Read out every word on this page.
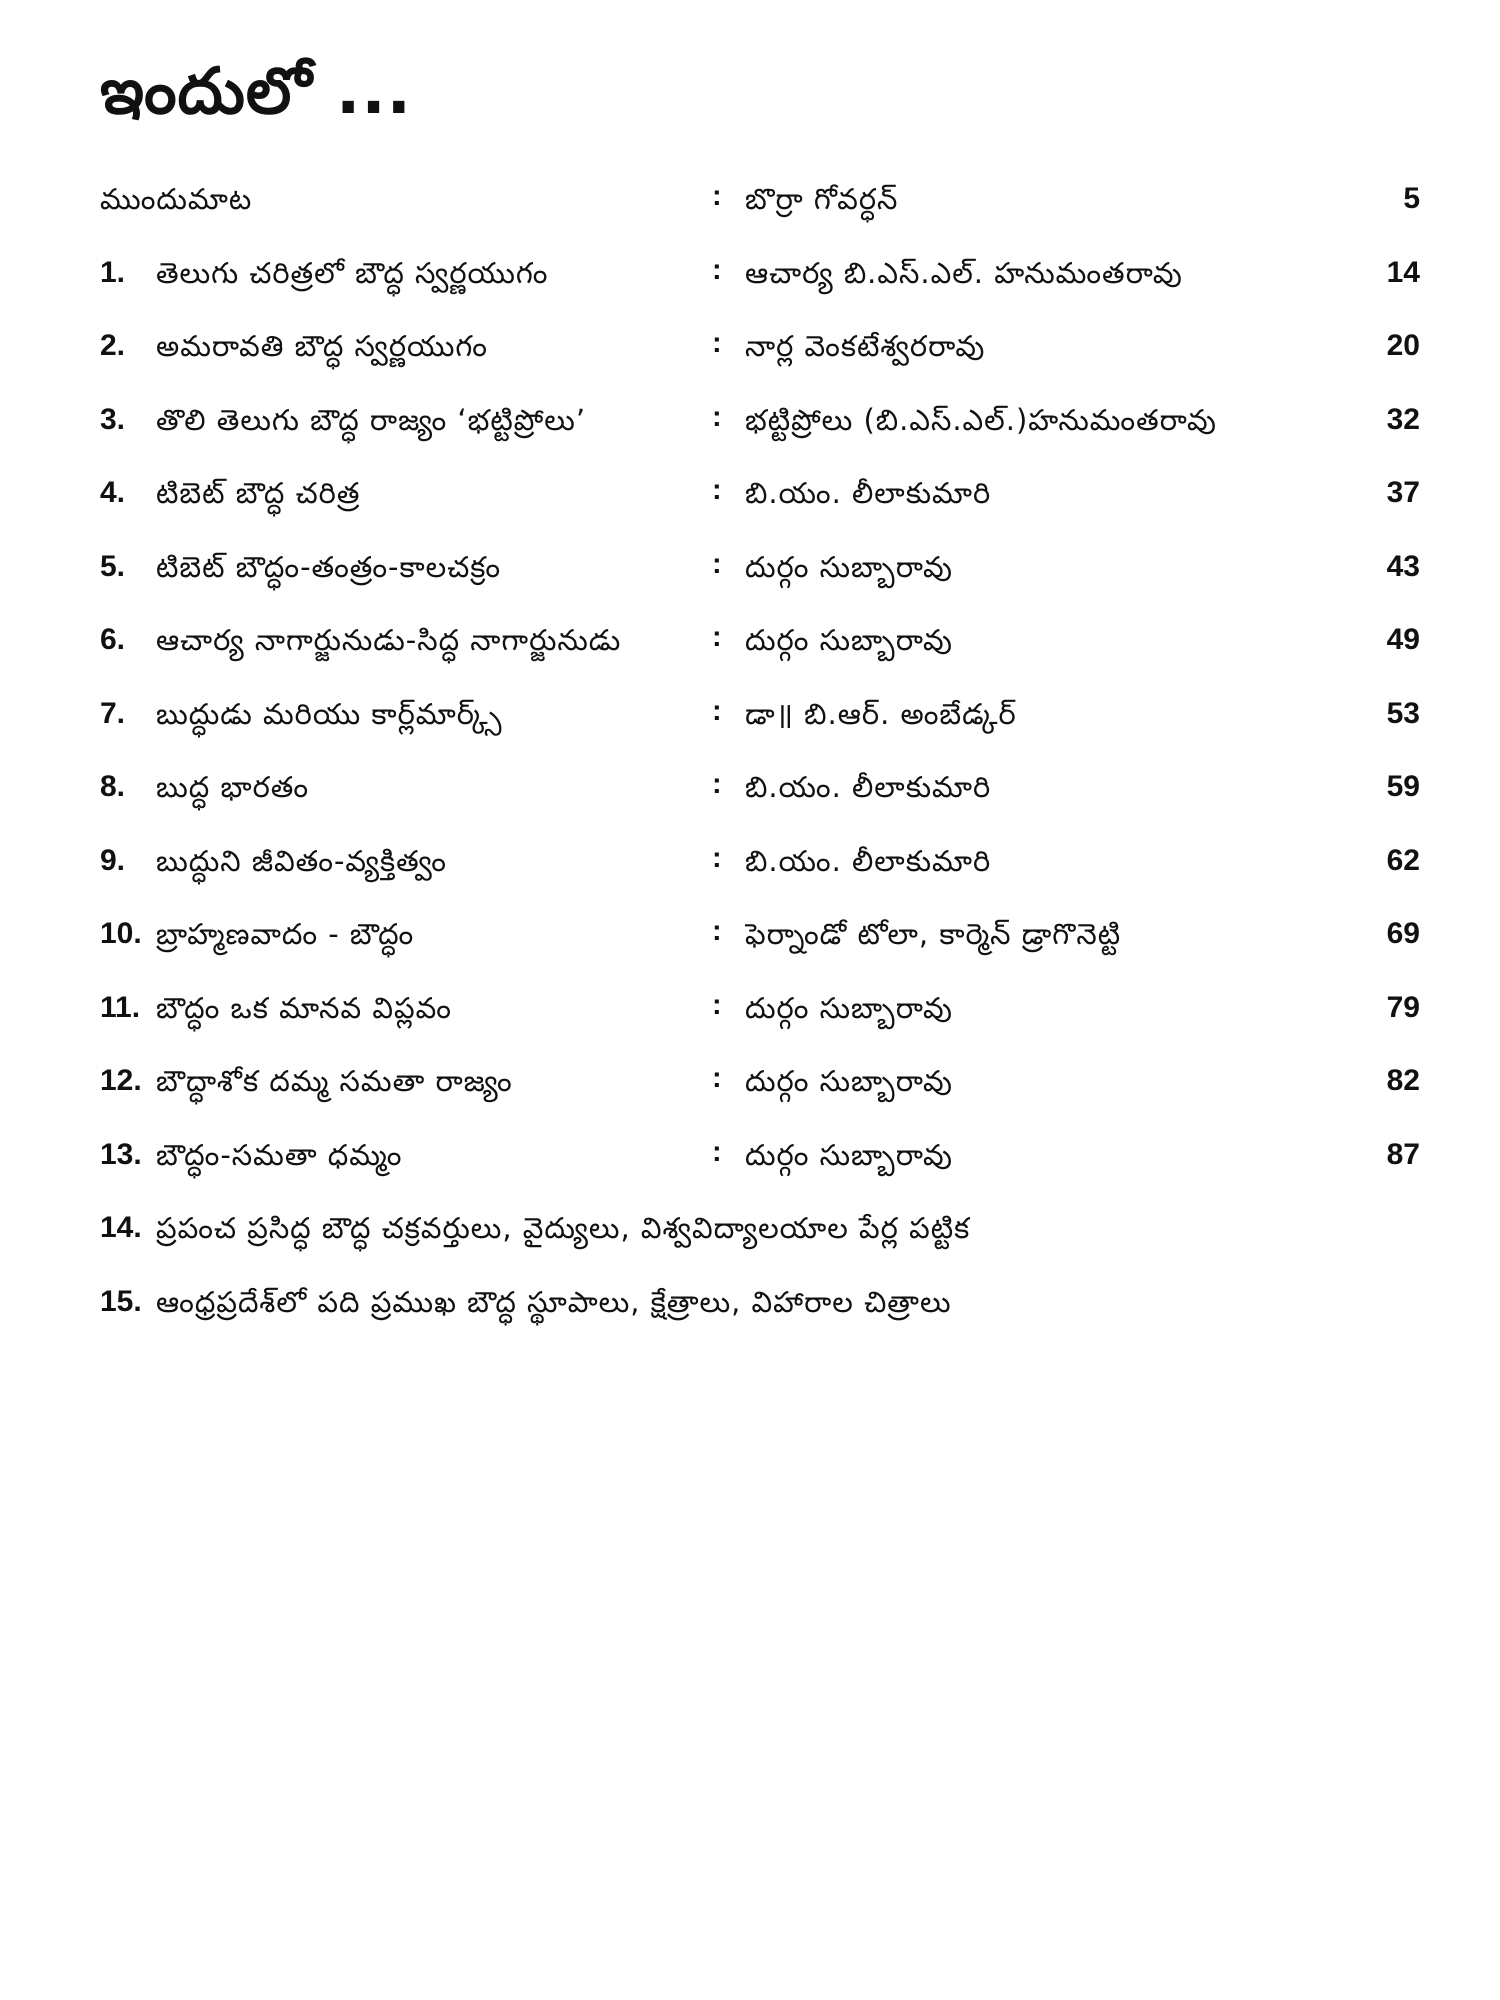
ఇందులో ...
ముందుమాట	: బొర్రా గోవర్ధన్	5
1. తెలుగు చరిత్రలో బౌద్ధ స్వర్ణయుగం	: ఆచార్య బి.ఎస్.ఎల్. హనుమంతరావు	14
2. అమరావతి బౌద్ధ స్వర్ణయుగం	: నార్ల వెంకటేశ్వరరావు	20
3. తొలి తెలుగు బౌద్ధ రాజ్యం ‘భట్టిప్రోలు’	: భట్టిప్రోలు (బి.ఎస్.ఎల్.)హనుమంతరావు	32
4. టిబెట్ బౌద్ధ చరిత్ర	: బి.యం. లీలాకుమారి	37
5. టిబెట్ బౌద్ధం-తంత్రం-కాలచక్రం	: దుర్గం సుబ్బారావు	43
6. ఆచార్య నాగార్జునుడు-సిద్ధ నాగార్జునుడు	: దుర్గం సుబ్బారావు	49
7. బుద్ధుడు మరియు కార్ల్‌మార్క్స్	: డా॥ బి.ఆర్. అంబేడ్కర్	53
8. బుద్ధ భారతం	: బి.యం. లీలాకుమారి	59
9. బుద్ధుని జీవితం-వ్యక్తిత్వం	: బి.యం. లీలాకుమారి	62
10. బ్రాహ్మణవాదం - బౌద్ధం	: ఫెర్నాండో టోలా, కార్మెన్ డ్రాగొనెట్టి	69
11. బౌద్ధం ఒక మానవ విప్లవం	: దుర్గం సుబ్బారావు	79
12. బౌద్ధాశోక దమ్మ సమతా రాజ్యం	: దుర్గం సుబ్బారావు	82
13. బౌద్ధం-సమతా ధమ్మం	: దుర్గం సుబ్బారావు	87
14. ప్రపంచ ప్రసిద్ధ బౌద్ధ చక్రవర్తులు, వైద్యులు, విశ్వవిద్యాలయాల పేర్ల పట్టిక
15. ఆంధ్రప్రదేశ్‌లో పది ప్రముఖ బౌద్ధ స్థూపాలు, క్షేత్రాలు, విహారాల చిత్రాలు
